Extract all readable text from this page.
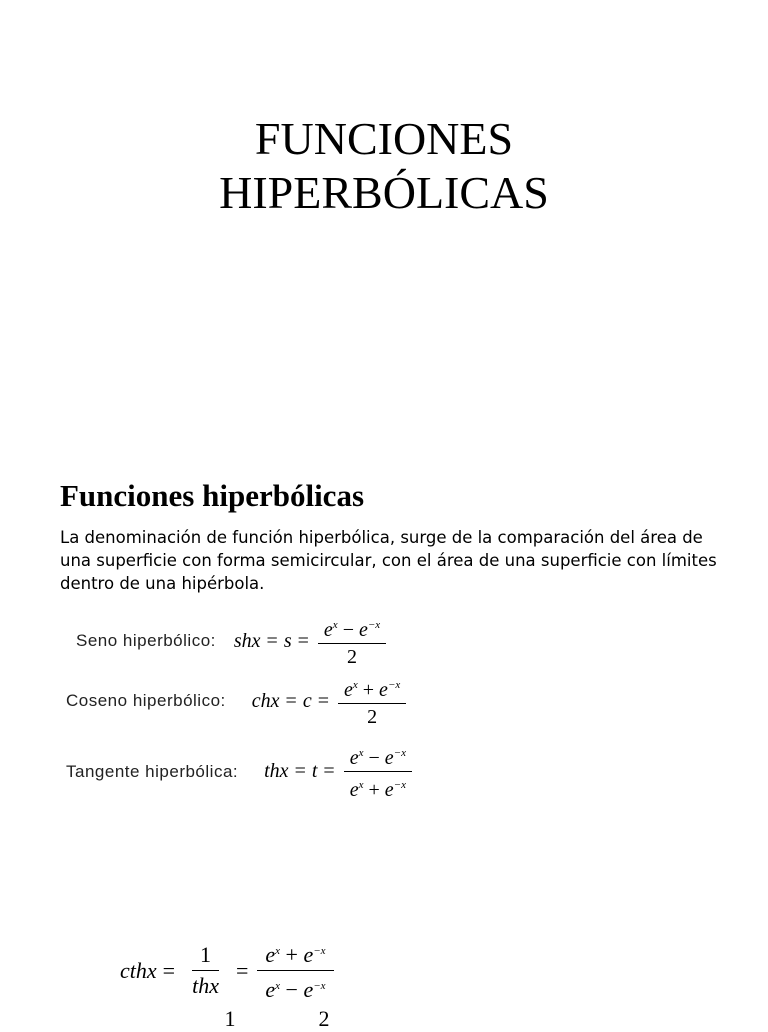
FUNCIONES
HIPERBÓLICAS
Funciones hiperbólicas

La denominación de función hiperbólica, surge de la comparación del área de una superficie con forma semicircular, con el área de una superficie con límites dentro de una hipérbola.

Seno hiperbólico: shx = $s = \frac{e^x - e^{-x}}{2}$
Coseno hiperbólico: chx = $c = \frac{e^x + e^{-x}}{2}$
Tangente hiperbólica: thx = $t = \frac{e^x - e^{-x}}{e^x + e^{-x}}$
cthx = $\frac{1}{\text{thx}} = \frac{e^x + e^{-x}}{e^x - e^{-x}}$
1	2
